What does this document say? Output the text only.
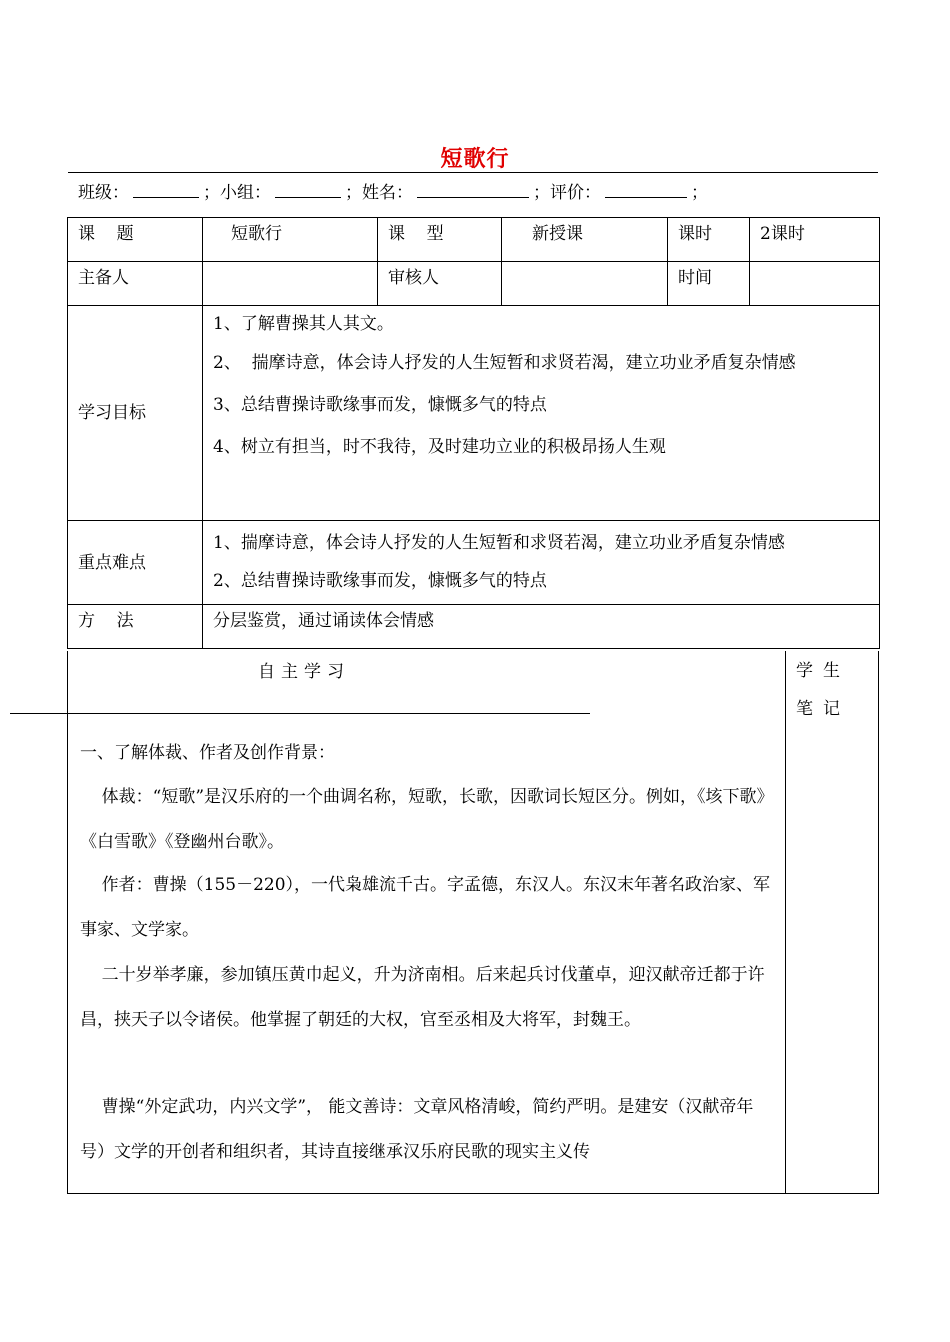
短歌行
班级：	；小组：	；姓名：	；评价：	；
课    题	短歌行	课    型	新授课	课时	2课时
主备人		审核人		时间	
学习目标	1、了解曹操其人其文。
2、  揣摩诗意，体会诗人抒发的人生短暂和求贤若渴，建立功业矛盾复杂情感
3、总结曹操诗歌缘事而发，慷慨多气的特点
4、树立有担当，时不我待，及时建功立业的积极昂扬人生观				

重点难点	1、揣摩诗意，体会诗人抒发的人生短暂和求贤若渴，建立功业矛盾复杂情感
2、总结曹操诗歌缘事而发，慷慨多气的特点				

方    法	分层鉴赏，通过诵读体会情感				
自主学习
一、了解体裁、作者及创作背景：
体裁：“短歌”是汉乐府的一个曲调名称，短歌，长歌，因歌词长短区分。例如，《垓下歌》《白雪歌》《登幽州台歌》。
作者：曹操（155－220），一代枭雄流千古。字孟德，东汉人。东汉末年著名政治家、军事家、文学家。
二十岁举孝廉，参加镇压黄巾起义，升为济南相。后来起兵讨伐董卓，迎汉献帝迁都于许昌，挟天子以令诸侯。他掌握了朝廷的大权，官至丞相及大将军，封魏王。
曹操“外定武功，内兴文学”， 能文善诗：文章风格清峻，简约严明。是建安（汉献帝年号）文学的开创者和组织者，其诗直接继承汉乐府民歌的现实主义传
学生
笔记
